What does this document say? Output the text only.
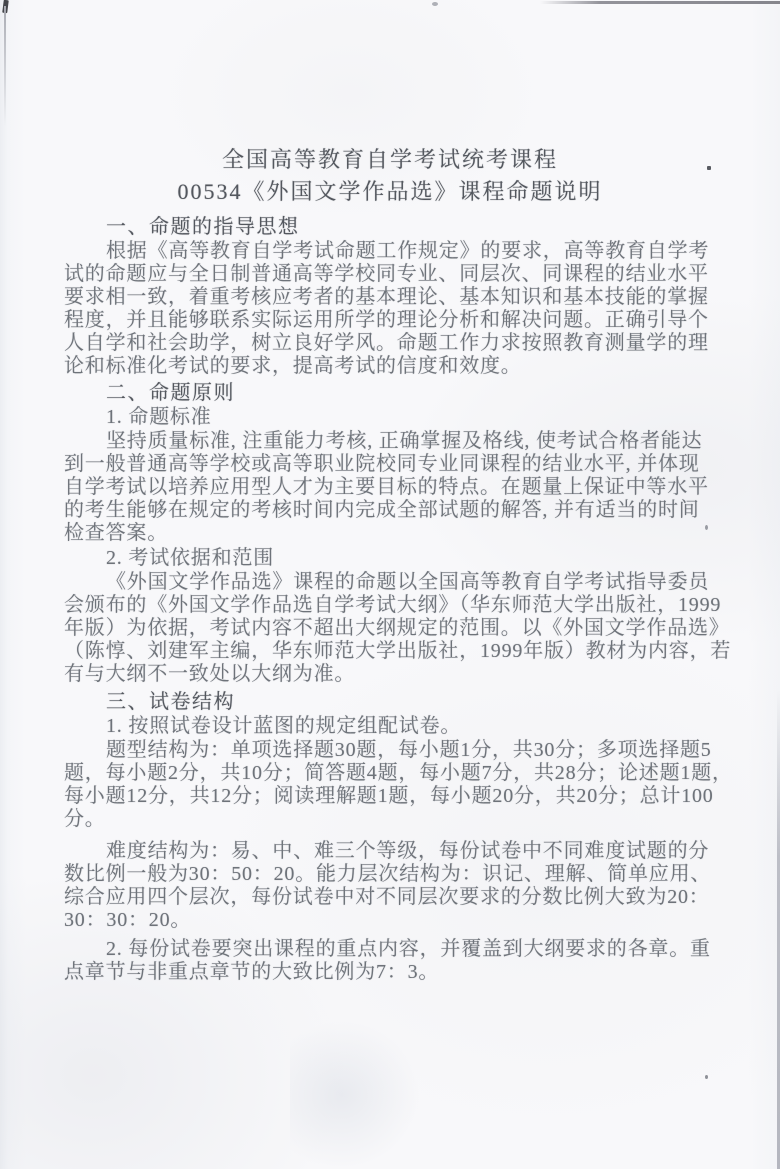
全国高等教育自学考试统考课程
00534《外国文学作品选》课程命题说明
一、命题的指导思想
根据《高等教育自学考试命题工作规定》的要求，高等教育自学考
试的命题应与全日制普通高等学校同专业、同层次、同课程的结业水平
要求相一致，着重考核应考者的基本理论、基本知识和基本技能的掌握
程度，并且能够联系实际运用所学的理论分析和解决问题。正确引导个
人自学和社会助学，树立良好学风。命题工作力求按照教育测量学的理
论和标准化考试的要求，提高考试的信度和效度。
二、命题原则
1. 命题标准
坚持质量标准, 注重能力考核, 正确掌握及格线, 使考试合格者能达
到一般普通高等学校或高等职业院校同专业同课程的结业水平, 并体现
自学考试以培养应用型人才为主要目标的特点。在题量上保证中等水平
的考生能够在规定的考核时间内完成全部试题的解答, 并有适当的时间
检查答案。
2. 考试依据和范围
《外国文学作品选》课程的命题以全国高等教育自学考试指导委员
会颁布的《外国文学作品选自学考试大纲》（华东师范大学出版社，1999
年版）为依据，考试内容不超出大纲规定的范围。以《外国文学作品选》
（陈惇、刘建军主编，华东师范大学出版社，1999年版）教材为内容，若
有与大纲不一致处以大纲为准。
三、试卷结构
1. 按照试卷设计蓝图的规定组配试卷。
题型结构为：单项选择题30题，每小题1分，共30分；多项选择题5
题，每小题2分，共10分；简答题4题，每小题7分，共28分；论述题1题，
每小题12分，共12分；阅读理解题1题，每小题20分，共20分；总计100
分。
难度结构为：易、中、难三个等级，每份试卷中不同难度试题的分
数比例一般为30：50：20。能力层次结构为：识记、理解、简单应用、
综合应用四个层次，每份试卷中对不同层次要求的分数比例大致为20：
30：30：20。
2. 每份试卷要突出课程的重点内容，并覆盖到大纲要求的各章。重
点章节与非重点章节的大致比例为7：3。
